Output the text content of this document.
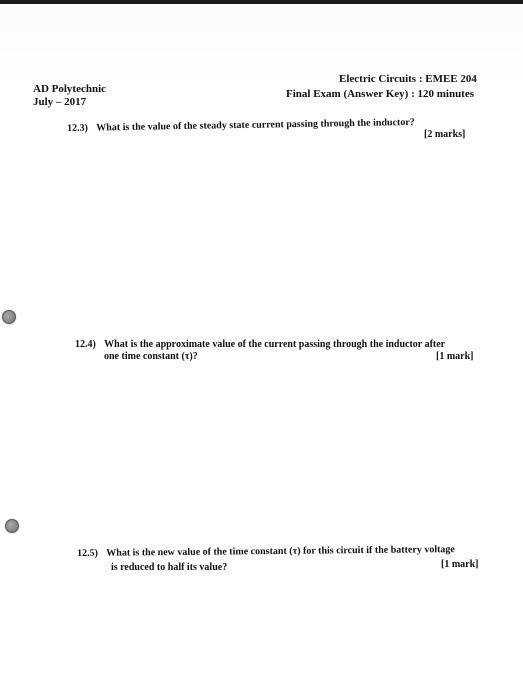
AD Polytechnic
July – 2017
Electric Circuits : EMEE 204
Final Exam (Answer Key) : 120 minutes
12.3) What is the value of the steady state current passing through the inductor?
[2 marks]
12.4) What is the approximate value of the current passing through the inductor after
one time constant (τ)?	[1 mark]
12.5) What is the new value of the time constant (τ) for this circuit if the battery voltage
is reduced to half its value?	[1 mark]
